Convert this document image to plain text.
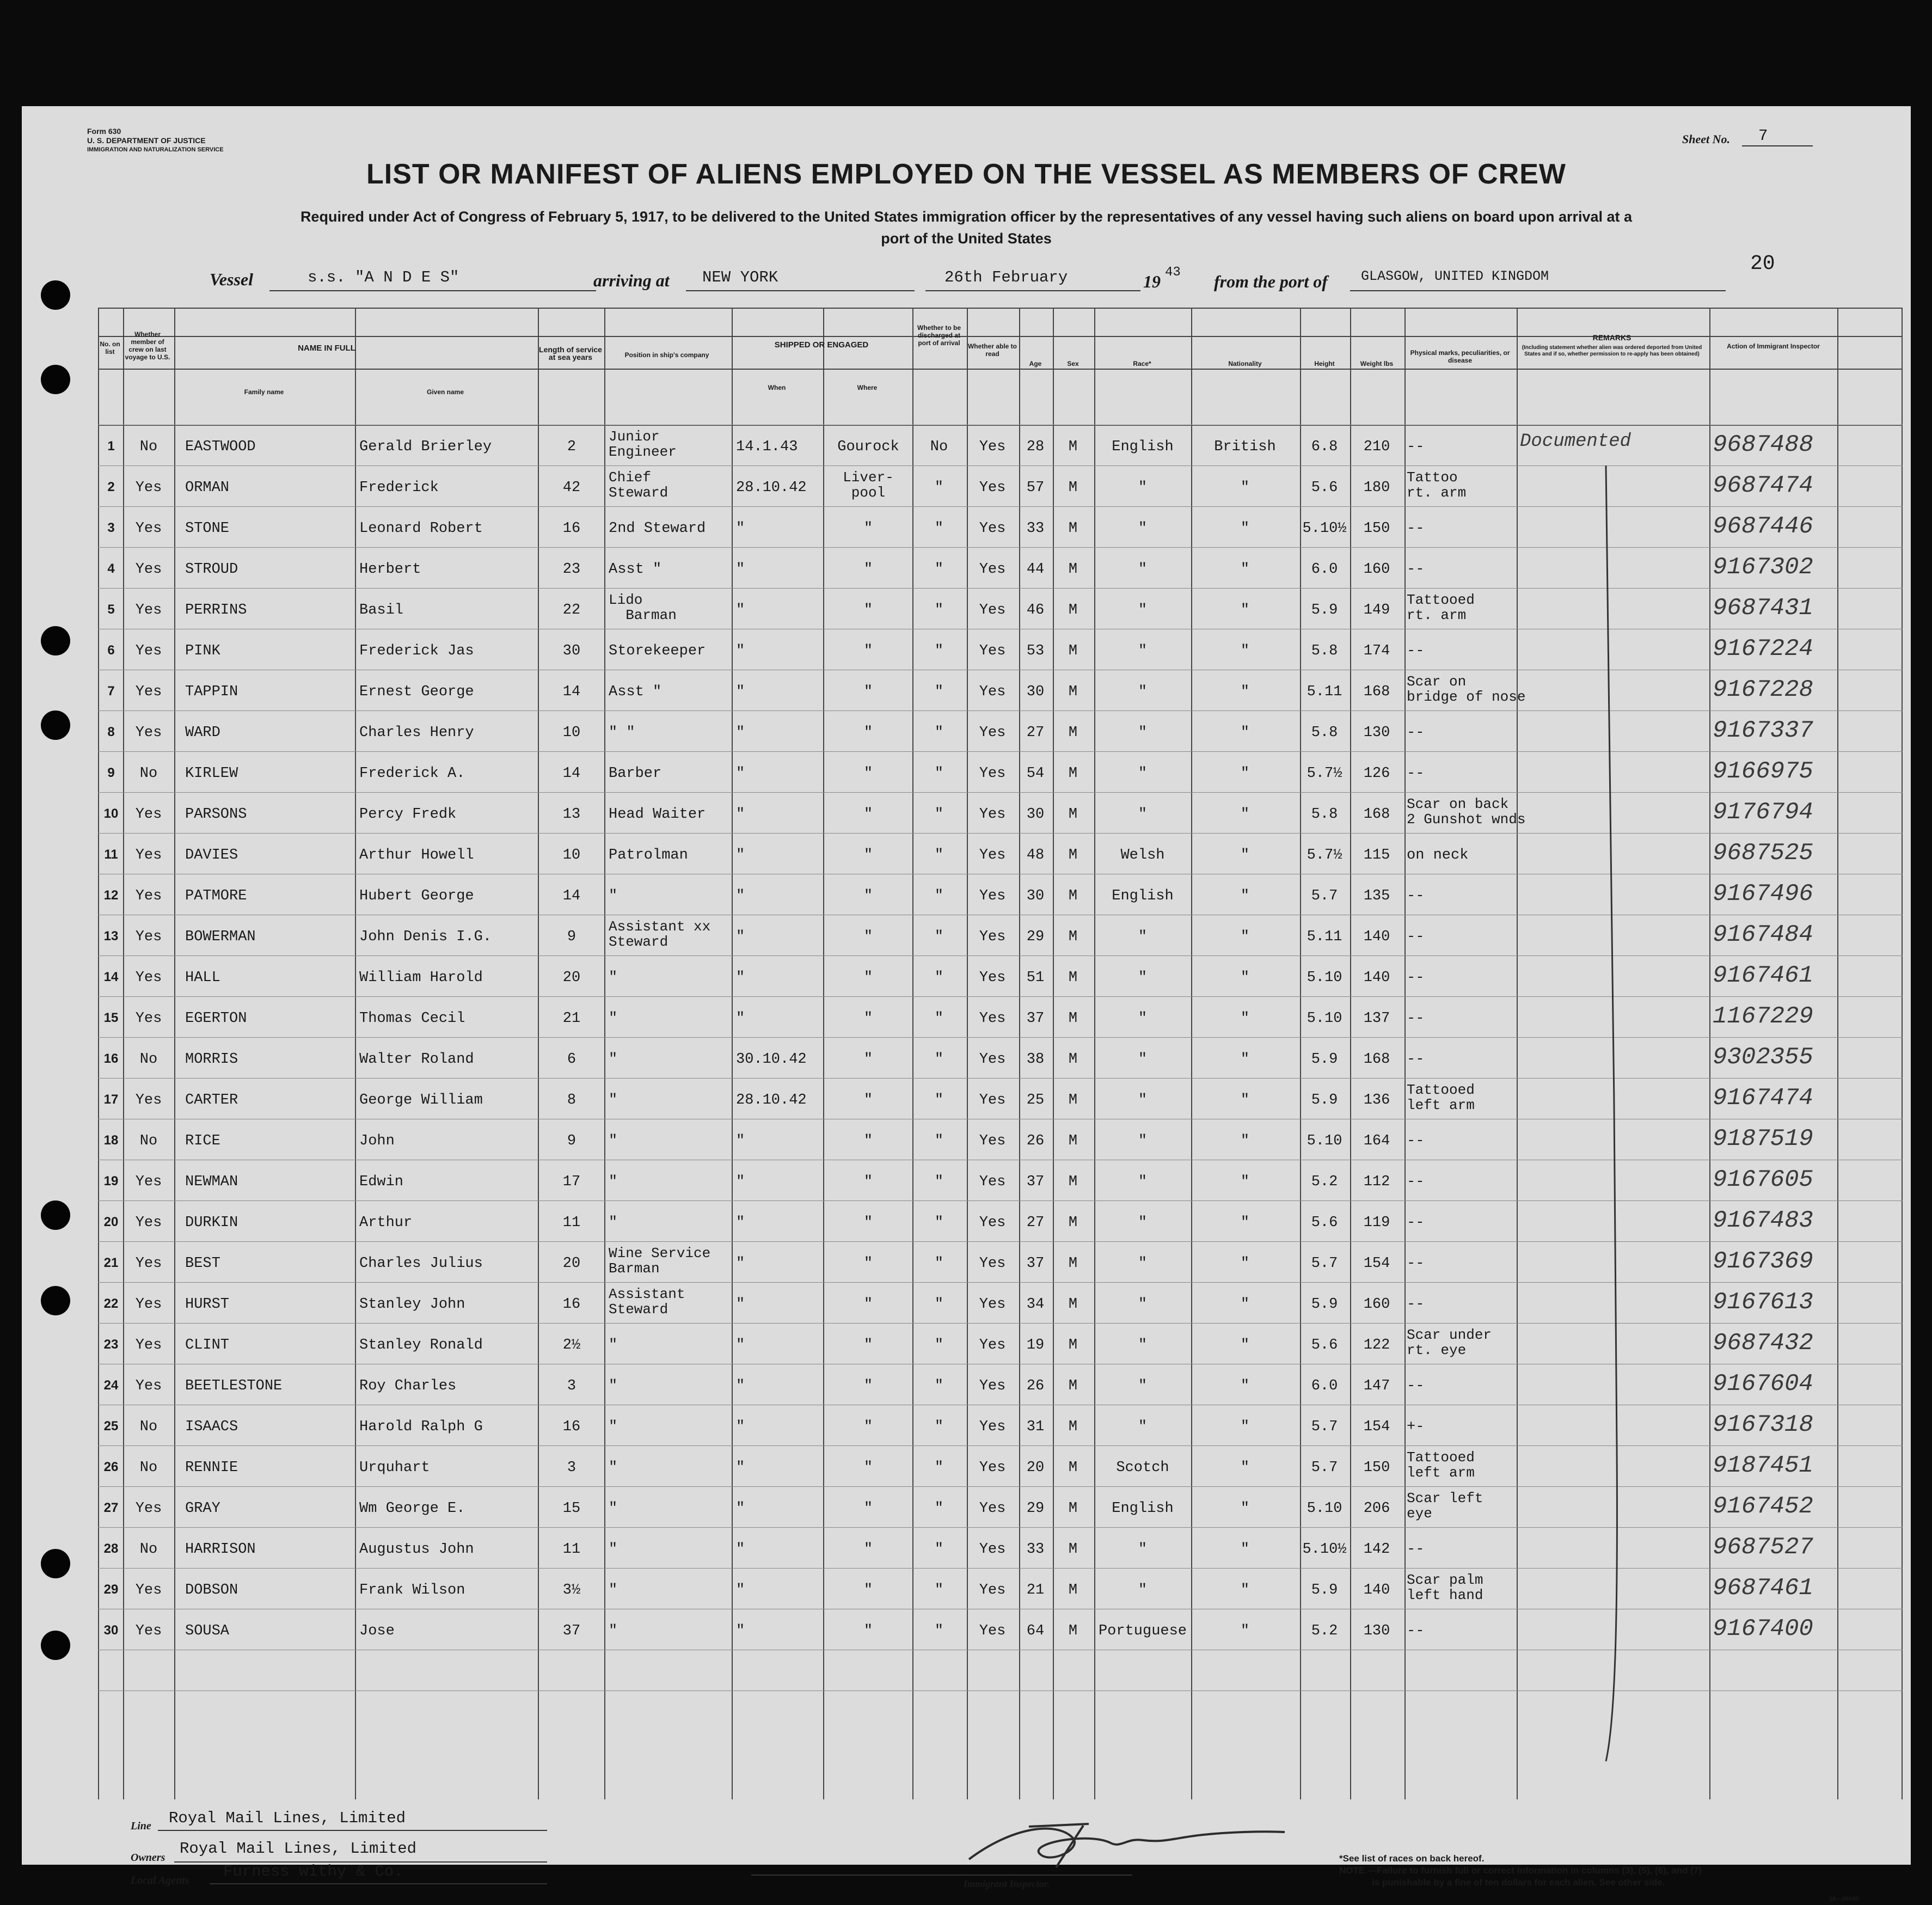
Form 630
U. S. DEPARTMENT OF JUSTICE
IMMIGRATION AND NATURALIZATION SERVICE
Sheet No. 7
LIST OR MANIFEST OF ALIENS EMPLOYED ON THE VESSEL AS MEMBERS OF CREW
Required under Act of Congress of February 5, 1917, to be delivered to the United States immigration officer by the representatives of any vessel having such aliens on board upon arrival at a
port of the United States
Vessel	s.s. "A N D E S"	arriving at NEW YORK	26th February	19 43 from the port of GLASGOW, UNITED KINGDOM
20
No. on list
Whether member of crew on last voyage to U.S.
NAME IN FULL
Family name	Given name
Length of service at sea years	Position in ship's company
SHIPPED OR ENGAGED
When	Where
Whether to be discharged at port of arrival	Whether able to read
Age	Sex	Race*	Nationality	Height	Weight lbs
Physical marks, peculiarities, or disease
REMARKS
(Including statement whether alien was ordered deported from United States and if so, whether permission to re-apply has been obtained)
Action of Immigrant Inspector
1	No	EASTWOOD	Gerald Brierley	2
Junior
Engineer	14.1.43	Gourock	No	Yes	28	M	English	British	6.8	210	--	Documented	9687488
2	Yes	ORMAN	Frederick	42
Chief
Steward	28.10.42
Liver-
pool	"	Yes	57	M	"	"	5.6	180
Tattoo
rt. arm	9687474
3	Yes	STONE	Leonard Robert	16	2nd Steward "	"	"	Yes	33	M	"	"	5.10½	150	--	9687446
4	Yes	STROUD	Herbert	23	Asst "	"	"	"	Yes	44	M	"	"	6.0	160	--	9167302
5	Yes	PERRINS	Basil	22
Lido
Barman	"	"	"	Yes	46	M	"	"	5.9	149
Tattooed
rt. arm	9687431
6	Yes	PINK	Frederick Jas	30	Storekeeper "	"	"	Yes	53	M	"	"	5.8	174	--	9167224
7	Yes	TAPPIN	Ernest George	14	Asst "	"	"	"	Yes	30	M	"	"	5.11	168
Scar on
bridge of nose	9167228
8	Yes	WARD	Charles Henry	10	" "	"	"	"	Yes	27	M	"	"	5.8	130	--	9167337
9	No	KIRLEW	Frederick A.	14	Barber	"	"	"	Yes	54	M	"	"	5.7½	126	--	9166975
10	Yes	PARSONS	Percy Fredk	13	Head Waiter "	"	"	Yes	30	M	"	"	5.8	168
Scar on back
2 Gunshot wnds	9176794
11	Yes	DAVIES	Arthur Howell	10	Patrolman	"	"	"	Yes	48	M	Welsh	"	5.7½	115	on neck	9687525
12	Yes	PATMORE	Hubert George	14	"	"	"	"	Yes	30	M	English	"	5.7	135	--	9167496
13	Yes	BOWERMAN	John Denis I.G.	9
Assistant xx
Steward	"	"	"	Yes	29	M	"	"	5.11	140	--	9167484
14	Yes	HALL	William Harold	20	"	"	"	"	Yes	51	M	"	"	5.10	140	--	9167461
15	Yes	EGERTON	Thomas Cecil	21	"	"	"	"	Yes	37	M	"	"	5.10	137	--	1167229
16	No	MORRIS	Walter Roland	6	"	30.10.42	"	"	Yes	38	M	"	"	5.9	168	--	9302355
17	Yes	CARTER	George William	8	"	28.10.42	"	"	Yes	25	M	"	"	5.9	136
Tattooed
left arm	9167474
18	No	RICE	John	9	"	"	"	"	Yes	26	M	"	"	5.10	164	--	9187519
19	Yes	NEWMAN	Edwin	17	"	"	"	"	Yes	37	M	"	"	5.2	112	--	9167605
20	Yes	DURKIN	Arthur	11	"	"	"	"	Yes	27	M	"	"	5.6	119	--	9167483
21	Yes	BEST	Charles Julius	20
Wine Service
Barman	"	"	"	Yes	37	M	"	"	5.7	154	--	9167369
22	Yes	HURST	Stanley John	16
Assistant
Steward	"	"	"	Yes	34	M	"	"	5.9	160	--	9167613
23	Yes	CLINT	Stanley Ronald	2½	"	"	"	"	Yes	19	M	"	"	5.6	122
Scar under
rt. eye	9687432
24	Yes	BEETLESTONE	Roy Charles	3	"	"	"	"	Yes	26	M	"	"	6.0	147	--	9167604
25	No	ISAACS	Harold Ralph G	16	"	"	"	"	Yes	31	M	"	"	5.7	154	+-	9167318
26	No	RENNIE	Urquhart	3	"	"	"	"	Yes	20	M	Scotch	"	5.7	150
Tattooed
left arm	9187451
27	Yes	GRAY	Wm George E.	15	"	"	"	"	Yes	29	M	English	"	5.10	206
Scar left
eye	9167452
28	No	HARRISON	Augustus John	11	"	"	"	"	Yes	33	M	"	"	5.10½	142	--	9687527
29	Yes	DOBSON	Frank Wilson	3½	"	"	"	"	Yes	21	M	"	"	5.9	140
Scar palm
left hand	9687461
30	Yes	SOUSA	Jose	37	"	"	"	"	Yes	64	M	Portuguese	"	5.2	130	--	9167400
Line Royal Mail Lines, Limited
Owners Royal Mail Lines, Limited
Local Agents Furness withy & Co.
Immigrant Inspector.
*See list of races on back hereof.
NOTE.—Failure to furnish full or correct information in columns (3), (5), (6), and (7)
is punishable by a fine of ten dollars for each alien. See other side.
16—26040
